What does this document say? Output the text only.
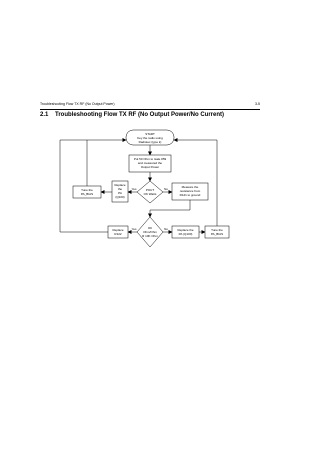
Troubleshooting Flow TX RF (No Output Power)	3-5
2.1 Troubleshooting Flow TX RF (No Output Power/No Current)
START
Key the radio using
Radiotec (type k)
Put 50 Ohm to tsale #59
and measured the
Output Power
POUT
OK Watts
Yes	No	Measure the
resistance from
R121 to ground
Replace
the
PA
(Q100)
Tune the
PA_BIAS
OK
Ohm/Ohm
R 10K Ohm
Yes	No
Replace
R122
Replace the
PA (Q100)
Tune the
PA_BIAS
